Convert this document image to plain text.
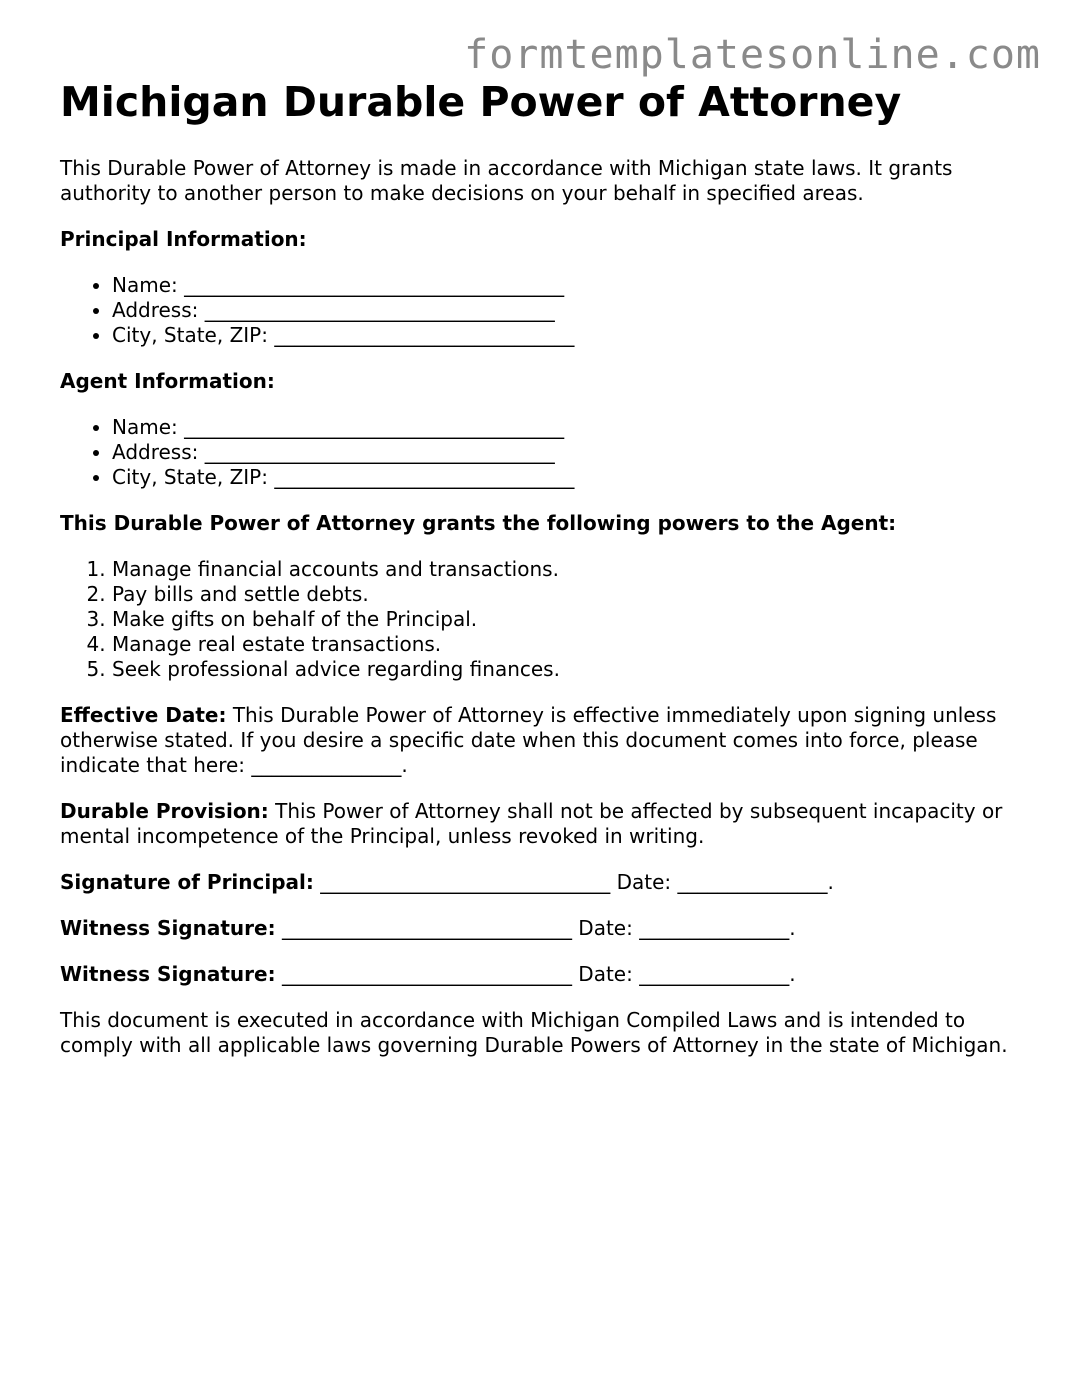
formtemplatesonline.com
Michigan Durable Power of Attorney

This Durable Power of Attorney is made in accordance with Michigan state laws. It grants authority to another person to make decisions on your behalf in specified areas.

Principal Information:

• Name: ______________________________________
• Address: ___________________________________
• City, State, ZIP: ______________________________

Agent Information:

• Name: ______________________________________
• Address: ___________________________________
• City, State, ZIP: ______________________________

This Durable Power of Attorney grants the following powers to the Agent:

1. Manage financial accounts and transactions.
2. Pay bills and settle debts.
3. Make gifts on behalf of the Principal.
4. Manage real estate transactions.
5. Seek professional advice regarding finances.

Effective Date: This Durable Power of Attorney is effective immediately upon signing unless otherwise stated. If you desire a specific date when this document comes into force, please indicate that here: _______________.

Durable Provision: This Power of Attorney shall not be affected by subsequent incapacity or mental incompetence of the Principal, unless revoked in writing.

Signature of Principal: _____________________________ Date: _______________.

Witness Signature: _____________________________ Date: _______________.

Witness Signature: _____________________________ Date: _______________.

This document is executed in accordance with Michigan Compiled Laws and is intended to comply with all applicable laws governing Durable Powers of Attorney in the state of Michigan.
